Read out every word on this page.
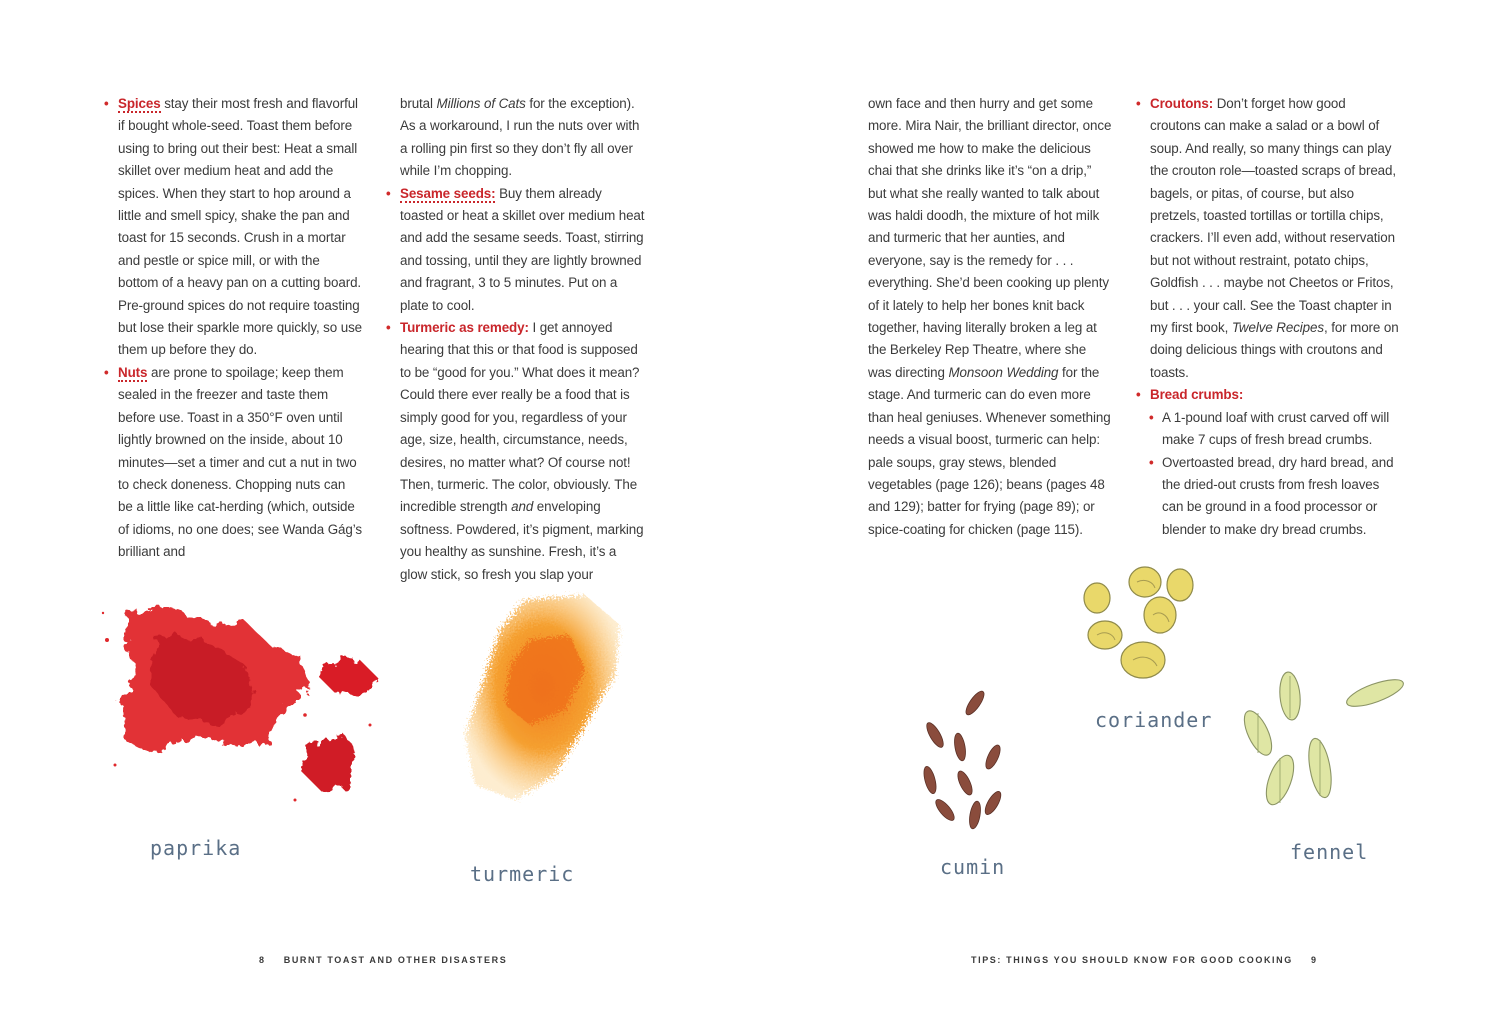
• Spices stay their most fresh and flavorful if bought whole-seed. Toast them before using to bring out their best: Heat a small skillet over medium heat and add the spices. When they start to hop around a little and smell spicy, shake the pan and toast for 15 seconds. Crush in a mortar and pestle or spice mill, or with the bottom of a heavy pan on a cutting board. Pre-ground spices do not require toasting but lose their sparkle more quickly, so use them up before they do.

• Nuts are prone to spoilage; keep them sealed in the freezer and taste them before use. Toast in a 350°F oven until lightly browned on the inside, about 10 minutes—set a timer and cut a nut in two to check doneness. Chopping nuts can be a little like cat-herding (which, outside of idioms, no one does; see Wanda Gág’s brilliant and

brutal Millions of Cats for the exception). As a workaround, I run the nuts over with a rolling pin first so they don’t fly all over while I’m chopping.

• Sesame seeds: Buy them already toasted or heat a skillet over medium heat and add the sesame seeds. Toast, stirring and tossing, until they are lightly browned and fragrant, 3 to 5 minutes. Put on a plate to cool.

• Turmeric as remedy: I get annoyed hearing that this or that food is supposed to be “good for you.” What does it mean? Could there ever really be a food that is simply good for you, regardless of your age, size, health, circumstance, needs, desires, no matter what? Of course not! Then, turmeric. The color, obviously. The incredible strength and enveloping softness. Powdered, it’s pigment, marking you healthy as sunshine. Fresh, it’s a glow stick, so fresh you slap your

paprika
turmeric
8 BURNT TOAST AND OTHER DISASTERS

own face and then hurry and get some more. Mira Nair, the brilliant director, once showed me how to make the delicious chai that she drinks like it’s “on a drip,” but what she really wanted to talk about was haldi doodh, the mixture of hot milk and turmeric that her aunties, and everyone, say is the remedy for . . . everything. She’d been cooking up plenty of it lately to help her bones knit back together, having literally broken a leg at the Berkeley Rep Theatre, where she was directing Monsoon Wedding for the stage. And turmeric can do even more than heal geniuses. Whenever something needs a visual boost, turmeric can help: pale soups, gray stews, blended vegetables (page 126); beans (pages 48 and 129); batter for frying (page 89); or spice-coating for chicken (page 115).

• Croutons: Don’t forget how good croutons can make a salad or a bowl of soup. And really, so many things can play the crouton role—toasted scraps of bread, bagels, or pitas, of course, but also pretzels, toasted tortillas or tortilla chips, crackers. I’ll even add, without reservation but not without restraint, potato chips, Goldfish . . . maybe not Cheetos or Fritos, but . . . your call. See the Toast chapter in my first book, Twelve Recipes, for more on doing delicious things with croutons and toasts.

• Bread crumbs:

• A 1-pound loaf with crust carved off will make 7 cups of fresh bread crumbs.

• Overtoasted bread, dry hard bread, and the dried-out crusts from fresh loaves can be ground in a food processor or blender to make dry bread crumbs.

coriander
cumin
fennel
TIPS: THINGS YOU SHOULD KNOW FOR GOOD COOKING 9
